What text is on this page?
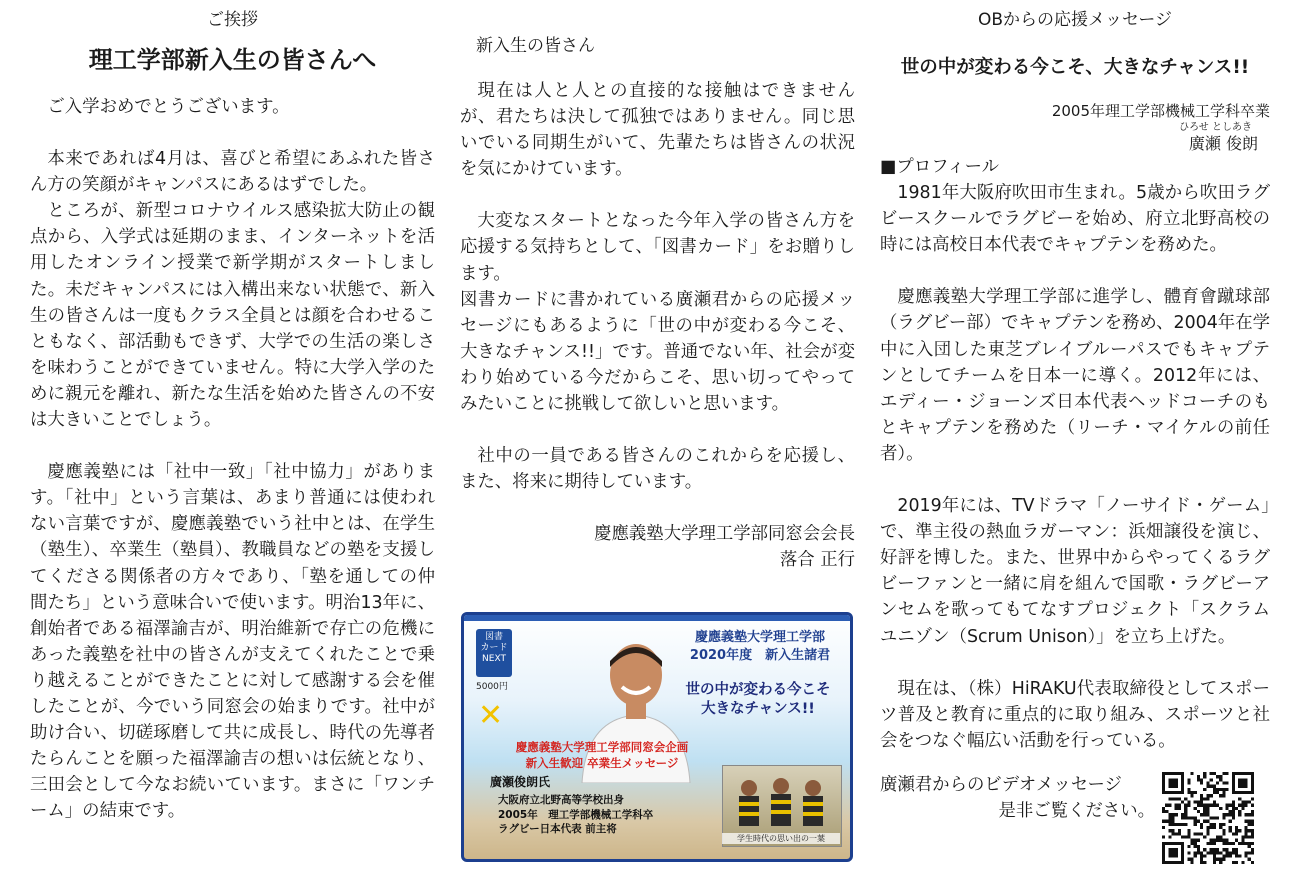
ご挨拶
理工学部新入生の皆さんへ

ご入学おめでとうございます。

本来であれば4月は、喜びと希望にあふれた皆さん方の笑顔がキャンパスにあるはずでした。

ところが、新型コロナウイルス感染拡大防止の観点から、入学式は延期のまま、インターネットを活用したオンライン授業で新学期がスタートしました。未だキャンパスには入構出来ない状態で、新入生の皆さんは一度もクラス全員とは顔を合わせることもなく、部活動もできず、大学での生活の楽しさを味わうことができていません。特に大学入学のために親元を離れ、新たな生活を始めた皆さんの不安は大きいことでしょう。

慶應義塾には「社中一致」「社中協力」があります。「社中」という言葉は、あまり普通には使われない言葉ですが、慶應義塾でいう社中とは、在学生（塾生）、卒業生（塾員）、教職員などの塾を支援してくださる関係者の方々であり、「塾を通しての仲間たち」という意味合いで使います。明治13年に、創始者である福澤諭吉が、明治維新で存亡の危機にあった義塾を社中の皆さんが支えてくれたことで乗り越えることができたことに対して感謝する会を催したことが、今でいう同窓会の始まりです。社中が助け合い、切磋琢磨して共に成長し、時代の先導者たらんことを願った福澤諭吉の想いは伝統となり、三田会として今なお続いています。まさに「ワンチーム」の結束です。

新入生の皆さん

現在は人と人との直接的な接触はできませんが、君たちは決して孤独ではありません。同じ思いでいる同期生がいて、先輩たちは皆さんの状況を気にかけています。

大変なスタートとなった今年入学の皆さん方を応援する気持ちとして、「図書カード」をお贈りします。

図書カードに書かれている廣瀬君からの応援メッセージにもあるように「世の中が変わる今こそ、大きなチャンス!!」です。普通でない年、社会が変わり始めている今だからこそ、思い切ってやってみたいことに挑戦して欲しいと思います。

社中の一員である皆さんのこれからを応援し、また、将来に期待しています。

慶應義塾大学理工学部同窓会会長

落合 正行

図書
カード
NEXT
5000円
✕
慶應義塾大学理工学部
2020年度　新入生諸君
世の中が変わる今こそ
大きなチャンス!!
慶應義塾大学理工学部同窓会企画
新入生歓迎 卒業生メッセージ
廣瀬俊朗氏
大阪府立北野高等学校出身
2005年　理工学部機械工学科卒
ラグビー日本代表 前主将
学生時代の思い出の一葉
OBからの応援メッセージ
世の中が変わる今こそ、大きなチャンス!!

2005年理工学部機械工学科卒業

ひろせ としあき

廣瀬 俊朗

■プロフィール

1981年大阪府吹田市生まれ。5歳から吹田ラグビースクールでラグビーを始め、府立北野高校の時には高校日本代表でキャプテンを務めた。

慶應義塾大学理工学部に進学し、體育會蹴球部（ラグビー部）でキャプテンを務め、2004年在学中に入団した東芝ブレイブルーパスでもキャプテンとしてチームを日本一に導く。2012年には、エディー・ジョーンズ日本代表ヘッドコーチのもとキャプテンを務めた（リーチ・マイケルの前任者）。

2019年には、TVドラマ「ノーサイド・ゲーム」で、準主役の熱血ラガーマン：浜畑譲役を演じ、好評を博した。また、世界中からやってくるラグビーファンと一緒に肩を組んで国歌・ラグビーアンセムを歌ってもてなすプロジェクト「スクラムユニゾン（Scrum Unison）」を立ち上げた。

現在は、（株）HiRAKU代表取締役としてスポーツ普及と教育に重点的に取り組み、スポーツと社会をつなぐ幅広い活動を行っている。

廣瀬君からのビデオメッセージ

是非ご覧ください。
